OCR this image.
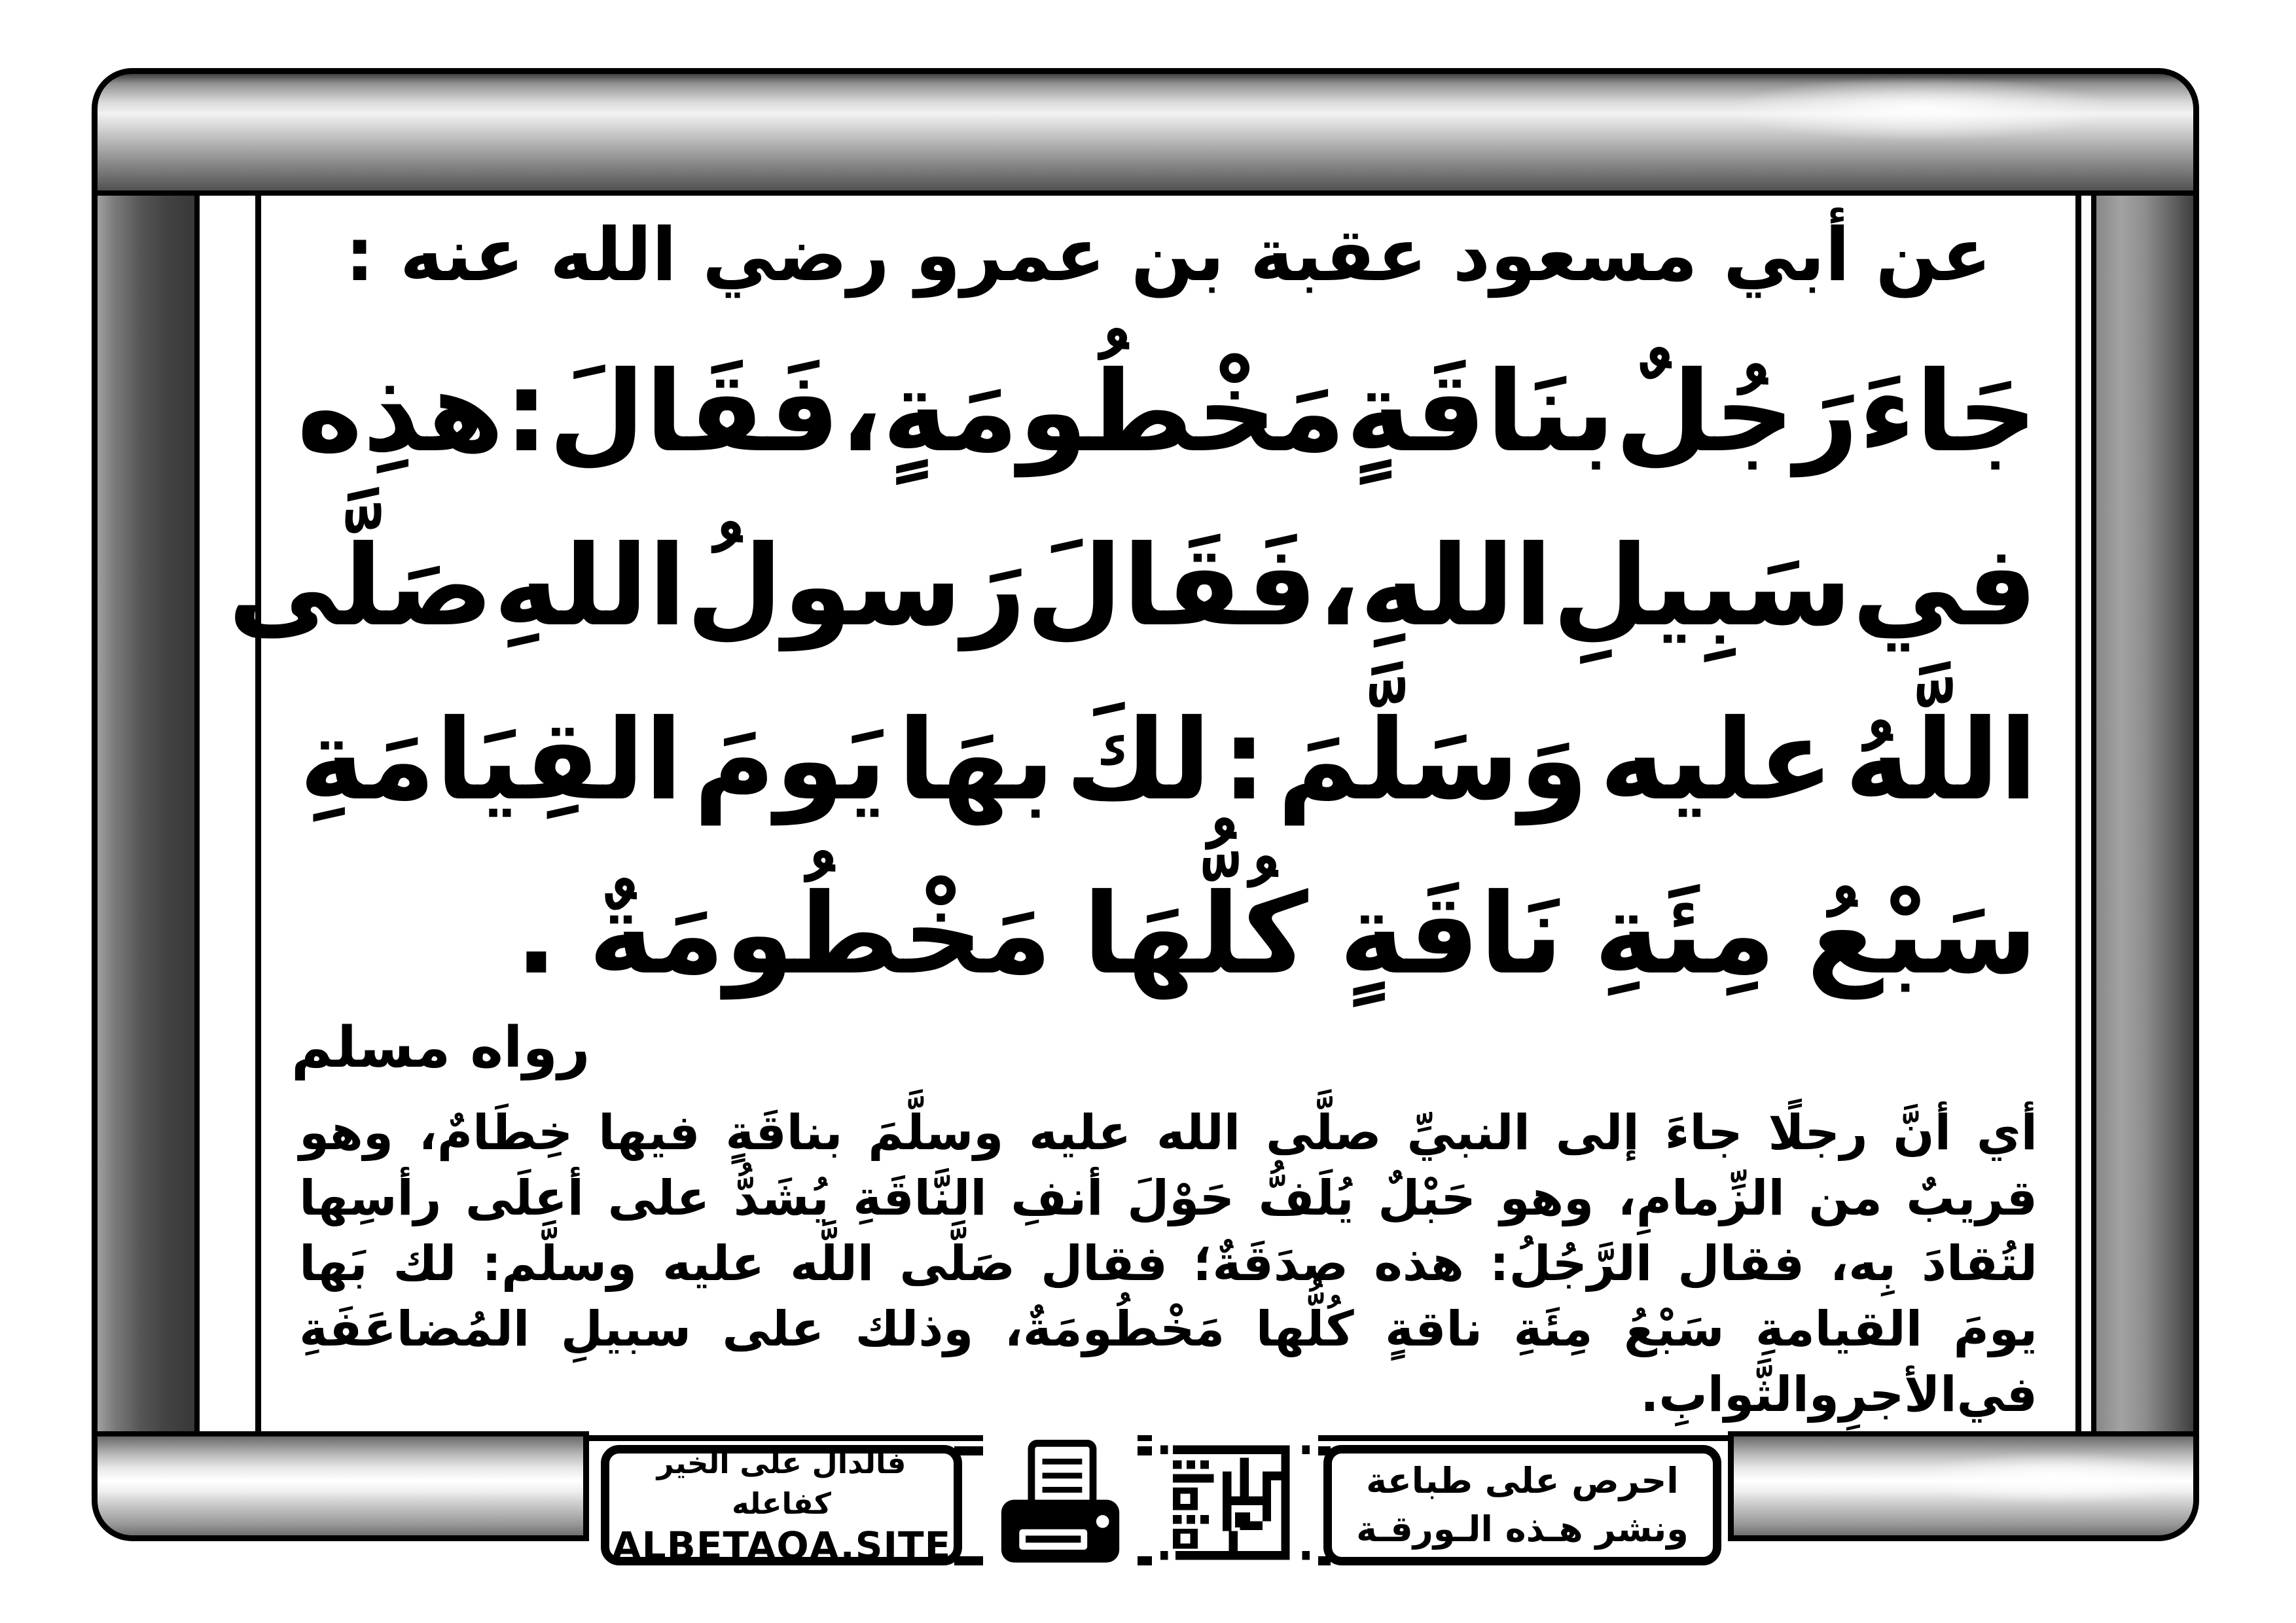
عن أبي مسعود عقبة بن عمرو رضي الله عنه :
جَاءَ
رَجُلٌ
بنَاقَةٍ
مَخْطُومَةٍ
،
فَقَالَ
:
هذِه
في
سَبِيلِ
اللهِ
،
فَقَالَ
رَسولُ
اللهِ
صَلَّى
اللَّهُ
عليه
وَسَلَّمَ
:
لكَ
بهَا
يَومَ
القِيَامَةِ
سَبْعُ
مِئَةِ
نَاقَةٍ
كُلُّهَا
مَخْطُومَةٌ
.
رواه مسلم
أي
أنَّ
رجلًا
جاءَ
إلى
النبيِّ
صلَّى
الله
عليه
وسلَّمَ
بناقَةٍ
فيها
خِطَامٌ،
وهو
قريبٌ
من
الزِّمامِ،
وهو
حَبْلٌ
يُلَفُّ
حَوْلَ
أنفِ
النَّاقَةِ
يُشَدُّ
على
أعلَى
رأسِها
لتُقادَ
بِه،
فقال
الرَّجُلُ:
هذه
صدَقَةٌ؛
فقال
صَلَّى
اللَّه
عليه
وسلَّم:
لك
بَها
يومَ
القيامةِ
سَبْعُ
مِئَةِ
ناقةٍ
كُلُّها
مَخْطُومَةٌ،
وذلك
على
سبيلِ
المُضاعَفَةِ
في
الأجرِ
والثَّوابِ.
فالدال على الخير كفاعله
ALBETAQA.SITE
احرص على طباعة
ونشر هـذه الـورقـة
